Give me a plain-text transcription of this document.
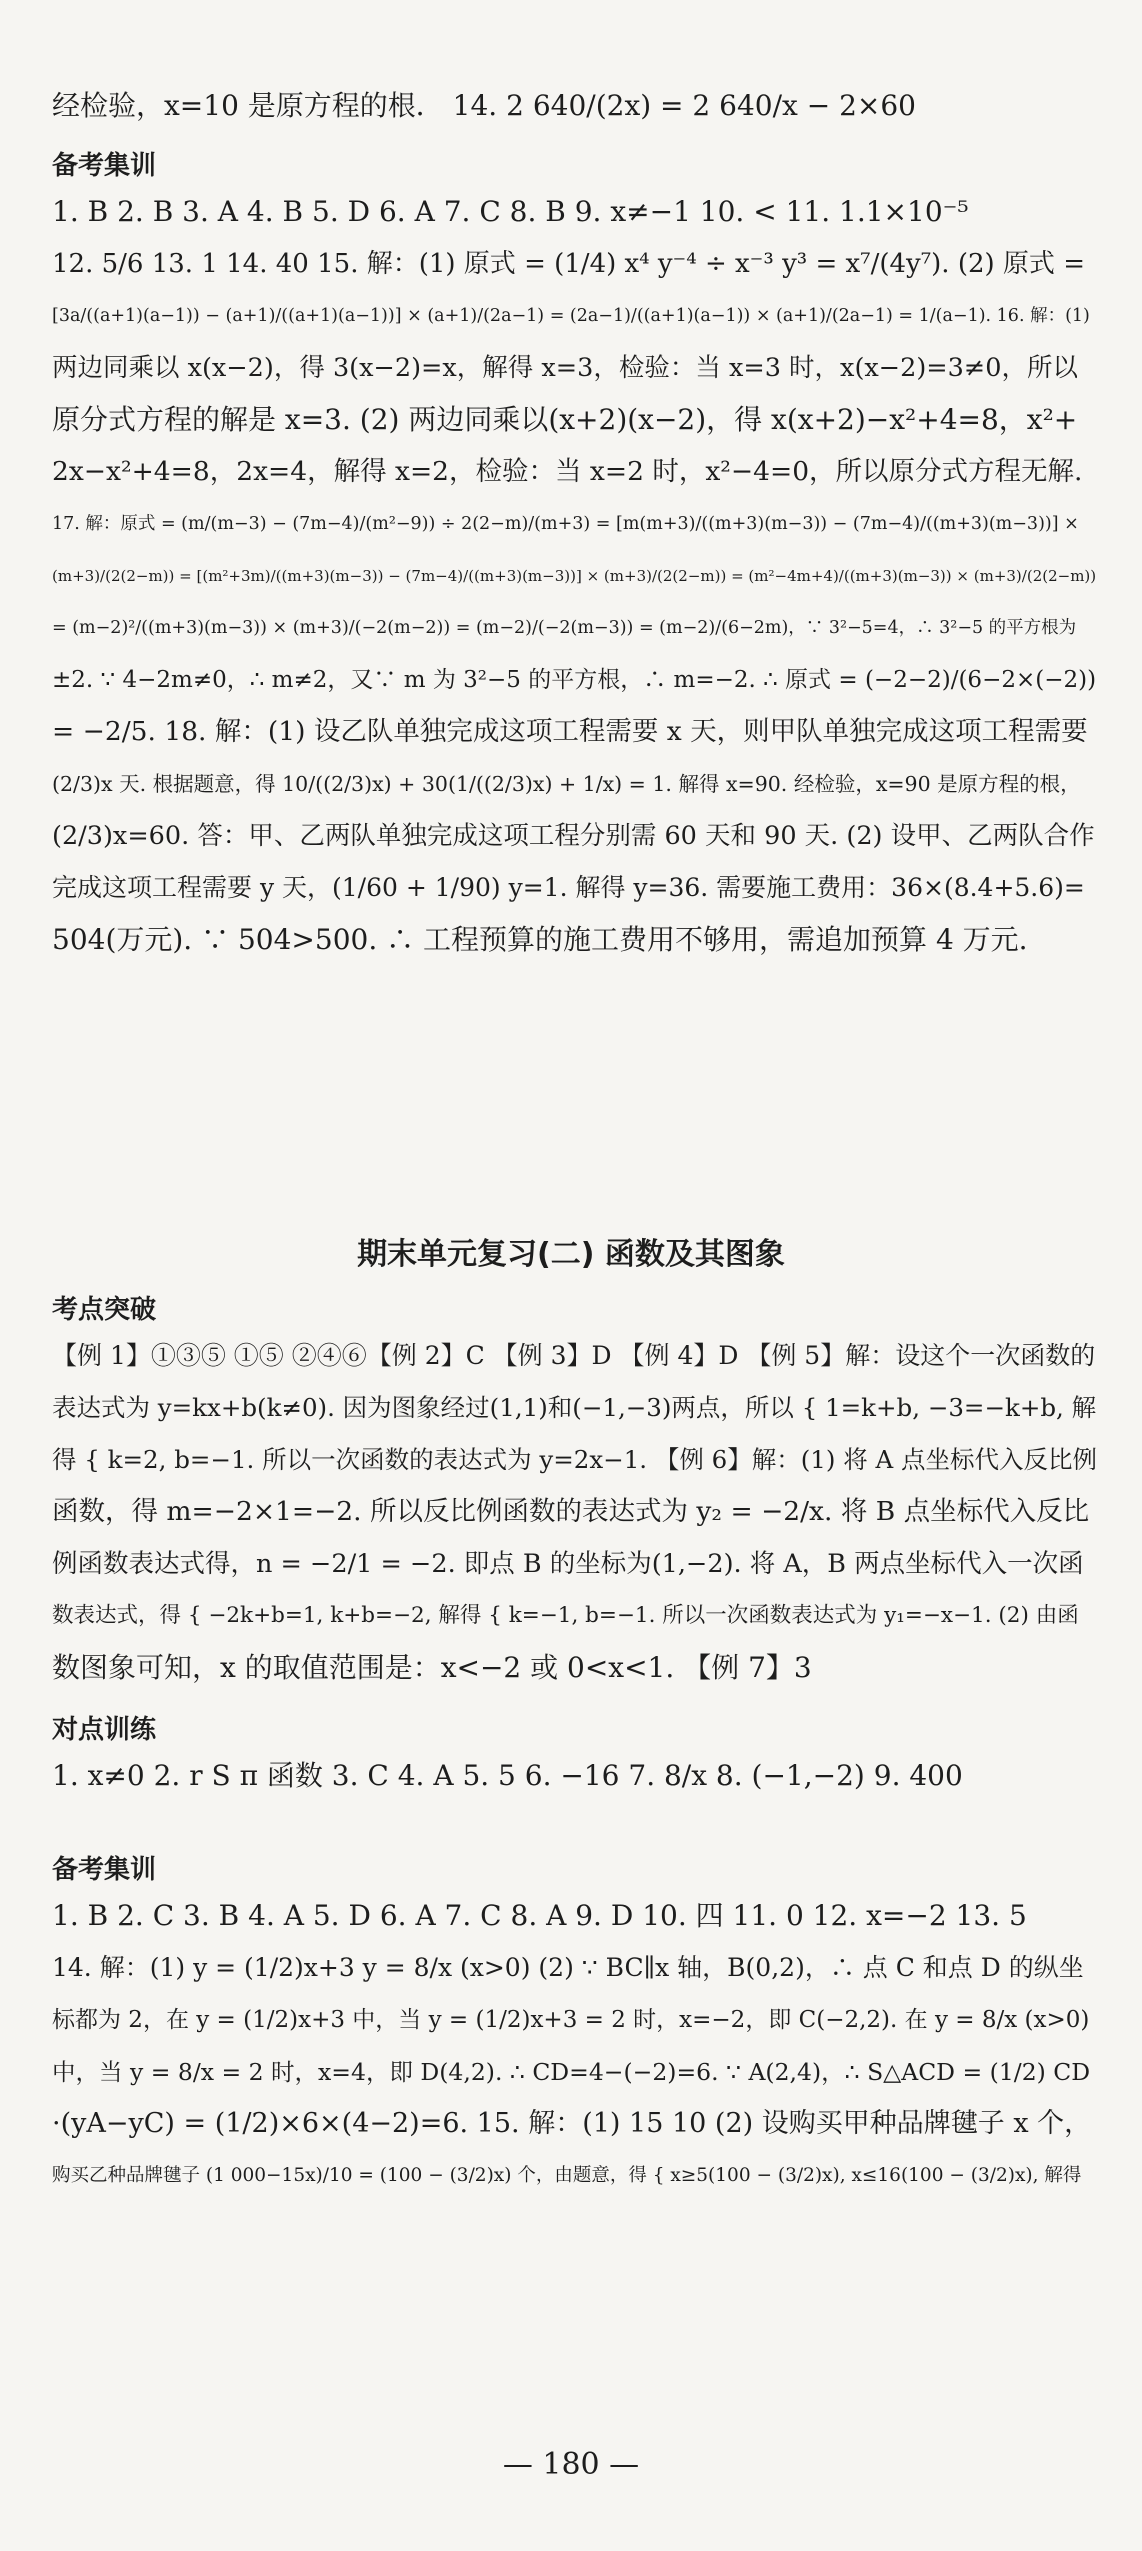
经检验，x=10 是原方程的根． 14. 2 640/(2x) = 2 640/x − 2×60

备考集训

1. B 2. B 3. A 4. B 5. D 6. A 7. C 8. B 9. x≠−1 10. < 11. 1.1×10⁻⁵

12. 5/6 13. 1 14. 40 15. 解：(1) 原式 = (1/4) x⁴ y⁻⁴ ÷ x⁻³ y³ = x⁷/(4y⁷). (2) 原式 =

[3a/((a+1)(a−1)) − (a+1)/((a+1)(a−1))] × (a+1)/(2a−1) = (2a−1)/((a+1)(a−1)) × (a+1)/(2a−1) = 1/(a−1). 16. 解：(1)

两边同乘以 x(x−2)，得 3(x−2)=x，解得 x=3，检验：当 x=3 时，x(x−2)=3≠0，所以

原分式方程的解是 x=3. (2) 两边同乘以(x+2)(x−2)，得 x(x+2)−x²+4=8，x²+

2x−x²+4=8，2x=4，解得 x=2，检验：当 x=2 时，x²−4=0，所以原分式方程无解.

17. 解：原式 = (m/(m−3) − (7m−4)/(m²−9)) ÷ 2(2−m)/(m+3) = [m(m+3)/((m+3)(m−3)) − (7m−4)/((m+3)(m−3))] ×

(m+3)/(2(2−m)) = [(m²+3m)/((m+3)(m−3)) − (7m−4)/((m+3)(m−3))] × (m+3)/(2(2−m)) = (m²−4m+4)/((m+3)(m−3)) × (m+3)/(2(2−m))

= (m−2)²/((m+3)(m−3)) × (m+3)/(−2(m−2)) = (m−2)/(−2(m−3)) = (m−2)/(6−2m)，∵ 3²−5=4，∴ 3²−5 的平方根为

±2. ∵ 4−2m≠0，∴ m≠2，又∵ m 为 3²−5 的平方根，∴ m=−2. ∴ 原式 = (−2−2)/(6−2×(−2))

= −2/5. 18. 解：(1) 设乙队单独完成这项工程需要 x 天，则甲队单独完成这项工程需要

(2/3)x 天. 根据题意，得 10/((2/3)x) + 30(1/((2/3)x) + 1/x) = 1. 解得 x=90. 经检验，x=90 是原方程的根，

(2/3)x=60. 答：甲、乙两队单独完成这项工程分别需 60 天和 90 天. (2) 设甲、乙两队合作

完成这项工程需要 y 天，(1/60 + 1/90) y=1. 解得 y=36. 需要施工费用：36×(8.4+5.6)=

504(万元). ∵ 504>500. ∴ 工程预算的施工费用不够用，需追加预算 4 万元.

期末单元复习(二) 函数及其图象

考点突破

【例 1】①③⑤ ①⑤ ②④⑥【例 2】C 【例 3】D 【例 4】D 【例 5】解：设这个一次函数的

表达式为 y=kx+b(k≠0). 因为图象经过(1,1)和(−1,−3)两点，所以 { 1=k+b, −3=−k+b, 解

得 { k=2, b=−1. 所以一次函数的表达式为 y=2x−1. 【例 6】解：(1) 将 A 点坐标代入反比例

函数，得 m=−2×1=−2. 所以反比例函数的表达式为 y₂ = −2/x. 将 B 点坐标代入反比

例函数表达式得，n = −2/1 = −2. 即点 B 的坐标为(1,−2). 将 A，B 两点坐标代入一次函

数表达式，得 { −2k+b=1, k+b=−2, 解得 { k=−1, b=−1. 所以一次函数表达式为 y₁=−x−1. (2) 由函

数图象可知，x 的取值范围是：x<−2 或 0<x<1. 【例 7】3

对点训练

1. x≠0 2. r S π 函数 3. C 4. A 5. 5 6. −16 7. 8/x 8. (−1,−2) 9. 400

备考集训

1. B 2. C 3. B 4. A 5. D 6. A 7. C 8. A 9. D 10. 四 11. 0 12. x=−2 13. 5

14. 解：(1) y = (1/2)x+3 y = 8/x (x>0) (2) ∵ BC∥x 轴，B(0,2)，∴ 点 C 和点 D 的纵坐

标都为 2，在 y = (1/2)x+3 中，当 y = (1/2)x+3 = 2 时，x=−2，即 C(−2,2). 在 y = 8/x (x>0)

中，当 y = 8/x = 2 时，x=4，即 D(4,2). ∴ CD=4−(−2)=6. ∵ A(2,4)，∴ S△ACD = (1/2) CD

·(yA−yC) = (1/2)×6×(4−2)=6. 15. 解：(1) 15 10 (2) 设购买甲种品牌毽子 x 个，

购买乙种品牌毽子 (1 000−15x)/10 = (100 − (3/2)x) 个，由题意，得 { x≥5(100 − (3/2)x), x≤16(100 − (3/2)x), 解得

— 180 —
